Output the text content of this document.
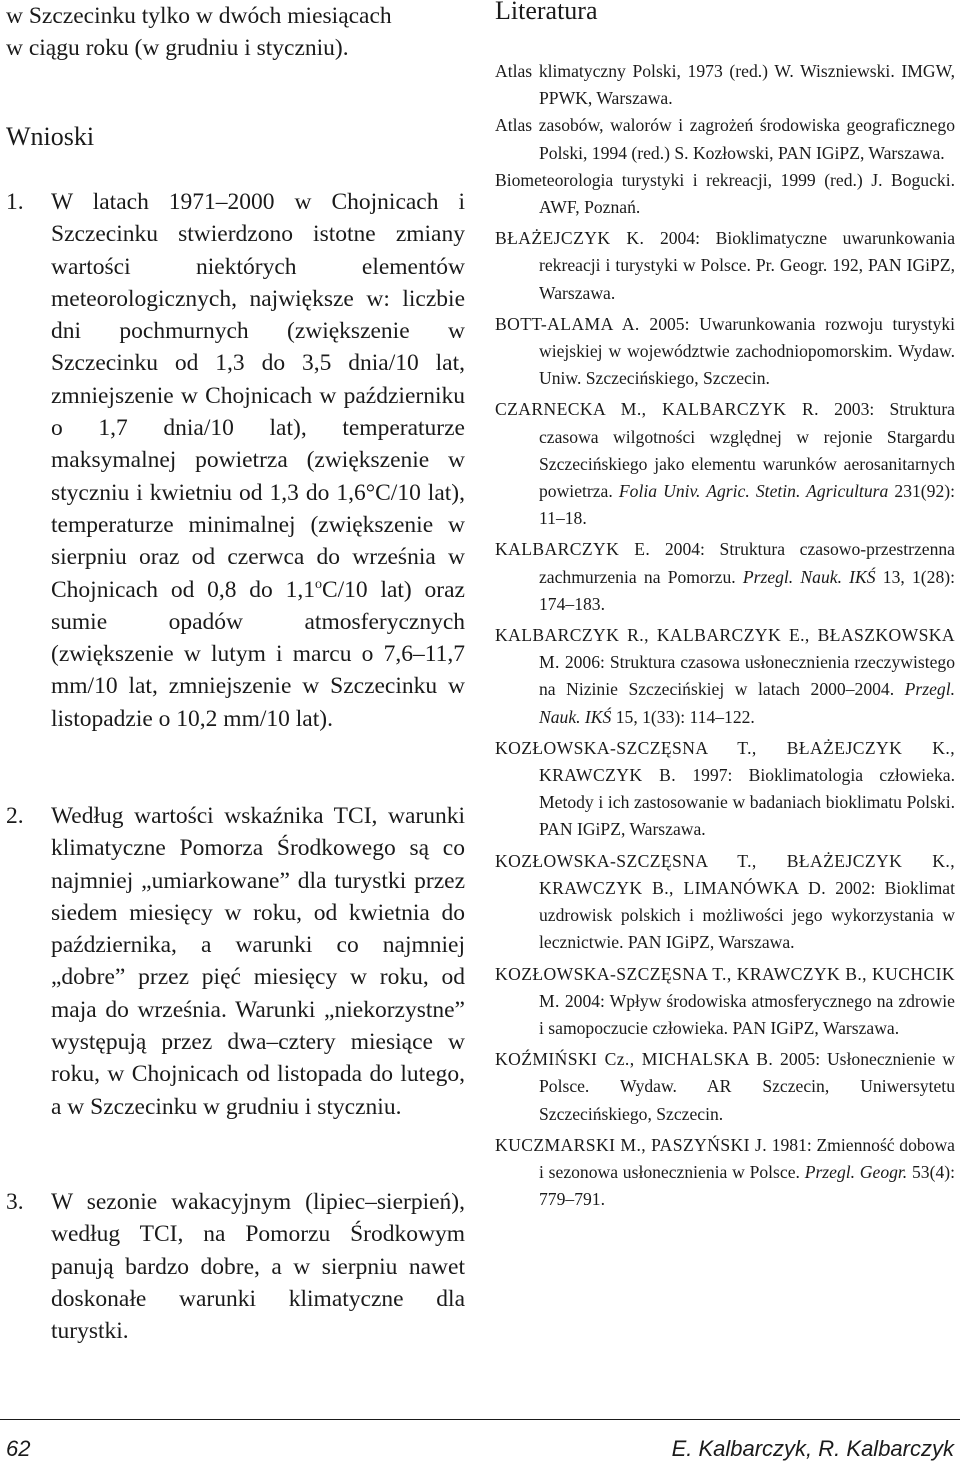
w Szczecinku tylko w dwóch miesiącach
w ciągu roku (w grudniu i styczniu).

Wnioski
1. W latach 1971–2000 w Chojnicach i Szczecinku stwierdzono istotne zmiany wartości niektórych elementów meteorologicznych, największe w: liczbie dni pochmurnych (zwiększenie w Szczecinku od 1,3 do 3,5 dnia/10 lat, zmniejszenie w Chojnicach w październiku o 1,7 dnia/10 lat), temperaturze maksymalnej powietrza (zwiększenie w styczniu i kwietniu od 1,3 do 1,6°C/10 lat), temperaturze minimalnej (zwiększenie w sierpniu oraz od czerwca do września w Chojnicach od 0,8 do 1,1$^o$C/10 lat) oraz sumie opadów atmosferycznych (zwiększenie w lutym i marcu o 7,6–11,7 mm/10 lat, zmniejszenie w Szczecinku w listopadzie o 10,2 mm/10 lat).
2. Według wartości wskaźnika TCI, warunki klimatyczne Pomorza Środkowego są co najmniej „umiarkowane” dla turystki przez siedem miesięcy w roku, od kwietnia do października, a warunki co najmniej „dobre” przez pięć miesięcy w roku, od maja do września. Warunki „niekorzystne” występują przez dwa–cztery miesiące w roku, w Chojnicach od listopada do lutego, a w Szczecinku w grudniu i styczniu.
3. W sezonie wakacyjnym (lipiec–sierpień), według TCI, na Pomorzu Środkowym panują bardzo dobre, a w sierpniu nawet doskonałe warunki klimatyczne dla turystki.
Literatura
Atlas klimatyczny Polski, 1973 (red.) W. Wiszniewski. IMGW, PPWK, Warszawa.
Atlas zasobów, walorów i zagrożeń środowiska geograficznego Polski, 1994 (red.) S. Kozłowski, PAN IGiPZ, Warszawa.
Biometeorologia turystyki i rekreacji, 1999 (red.) J. Bogucki. AWF, Poznań.
BŁAŻEJCZYK K. 2004: Bioklimatyczne uwarunkowania rekreacji i turystyki w Polsce. Pr. Geogr. 192, PAN IGiPZ, Warszawa.
BOTT-ALAMA A. 2005: Uwarunkowania rozwoju turystyki wiejskiej w województwie zachodniopomorskim. Wydaw. Uniw. Szczecińskiego, Szczecin.
CZARNECKA M., KALBARCZYK R. 2003: Struktura czasowa wilgotności względnej w rejonie Stargardu Szczecińskiego jako elementu warunków aerosanitarnych powietrza. Folia Univ. Agric. Stetin. Agricultura 231(92): 11–18.
KALBARCZYK E. 2004: Struktura czasowo-przestrzenna zachmurzenia na Pomorzu. Przegl. Nauk. IKŚ 13, 1(28): 174–183.
KALBARCZYK R., KALBARCZYK E., BŁASZKOWSKA M. 2006: Struktura czasowa usłonecznienia rzeczywistego na Nizinie Szczecińskiej w latach 2000–2004. Przegl. Nauk. IKŚ 15, 1(33): 114–122.
KOZŁOWSKA-SZCZĘSNA T., BŁAŻEJCZYK K., KRAWCZYK B. 1997: Bioklimatologia człowieka. Metody i ich zastosowanie w badaniach bioklimatu Polski. PAN IGiPZ, Warszawa.
KOZŁOWSKA-SZCZĘSNA T., BŁAŻEJCZYK K., KRAWCZYK B., LIMANÓWKA D. 2002: Bioklimat uzdrowisk polskich i możliwości jego wykorzystania w lecznictwie. PAN IGiPZ, Warszawa.
KOZŁOWSKA-SZCZĘSNA T., KRAWCZYK B., KUCHCIK M. 2004: Wpływ środowiska atmosferycznego na zdrowie i samopoczucie człowieka. PAN IGiPZ, Warszawa.
KOŹMIŃSKI Cz., MICHALSKA B. 2005: Usłonecznienie w Polsce. Wydaw. AR Szczecin, Uniwersytetu Szczecińskiego, Szczecin.
KUCZMARSKI M., PASZYŃSKI J. 1981: Zmienność dobowa i sezonowa usłonecznienia w Polsce. Przegl. Geogr. 53(4): 779–791.
62	E. Kalbarczyk, R. Kalbarczyk
